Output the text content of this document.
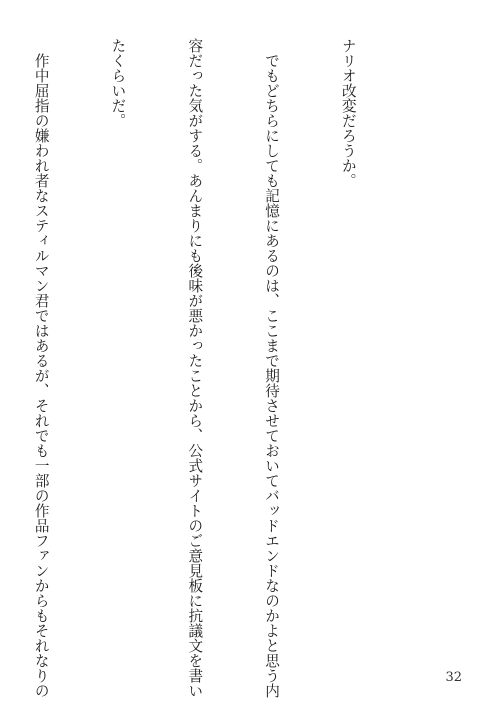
ナリオ改変だろうか。

　でもどちらにしても記憶にあるのは、ここまで期待させておいてバッドエンドなのかよと思う内

容だった気がする。あんまりにも後味が悪かったことから、公式サイトのご意見板に抗議文を書い

たくらいだ。

　作中屈指の嫌われ者なスティルマン君ではあるが、それでも一部の作品ファンからもそれなりの

	32
